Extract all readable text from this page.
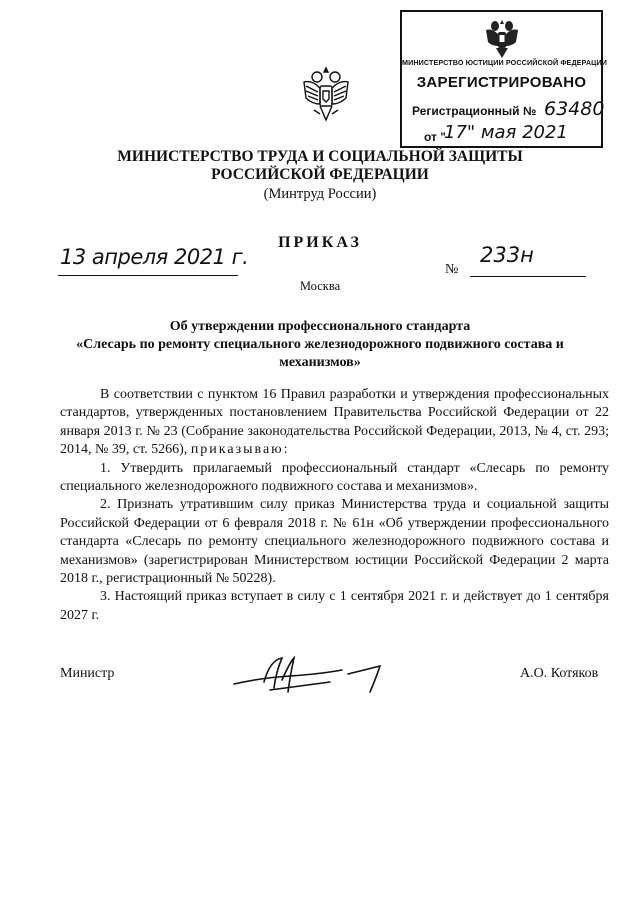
МИНИСТЕРСТВО ЮСТИЦИИ РОССИЙСКОЙ ФЕДЕРАЦИИ
ЗАРЕГИСТРИРОВАНО
Регистрационный № 63480
от "
17" мая 2021
МИНИСТЕРСТВО ТРУДА И СОЦИАЛЬНОЙ ЗАЩИТЫ
РОССИЙСКОЙ ФЕДЕРАЦИИ
(Минтруд России)
ПРИКАЗ
13 апреля 2021 г.
№
233н
Москва
Об утверждении профессионального стандарта
«Слесарь по ремонту специального железнодорожного подвижного состава и
механизмов»

В соответствии с пунктом 16 Правил разработки и утверждения профессиональных стандартов, утвержденных постановлением Правительства Российской Федерации от 22 января 2013 г. № 23 (Собрание законодательства Российской Федерации, 2013, № 4, ст. 293; 2014, № 39, ст. 5266), приказываю:

1. Утвердить прилагаемый профессиональный стандарт «Слесарь по ремонту специального железнодорожного подвижного состава и механизмов».

2. Признать утратившим силу приказ Министерства труда и социальной защиты Российской Федерации от 6 февраля 2018 г. № 61н «Об утверждении профессионального стандарта «Слесарь по ремонту специального железнодорожного подвижного состава и механизмов» (зарегистрирован Министерством юстиции Российской Федерации 2 марта 2018 г., регистрационный № 50228).

3. Настоящий приказ вступает в силу с 1 сентября 2021 г. и действует до 1 сентября 2027 г.

Министр	А.О. Котяков
